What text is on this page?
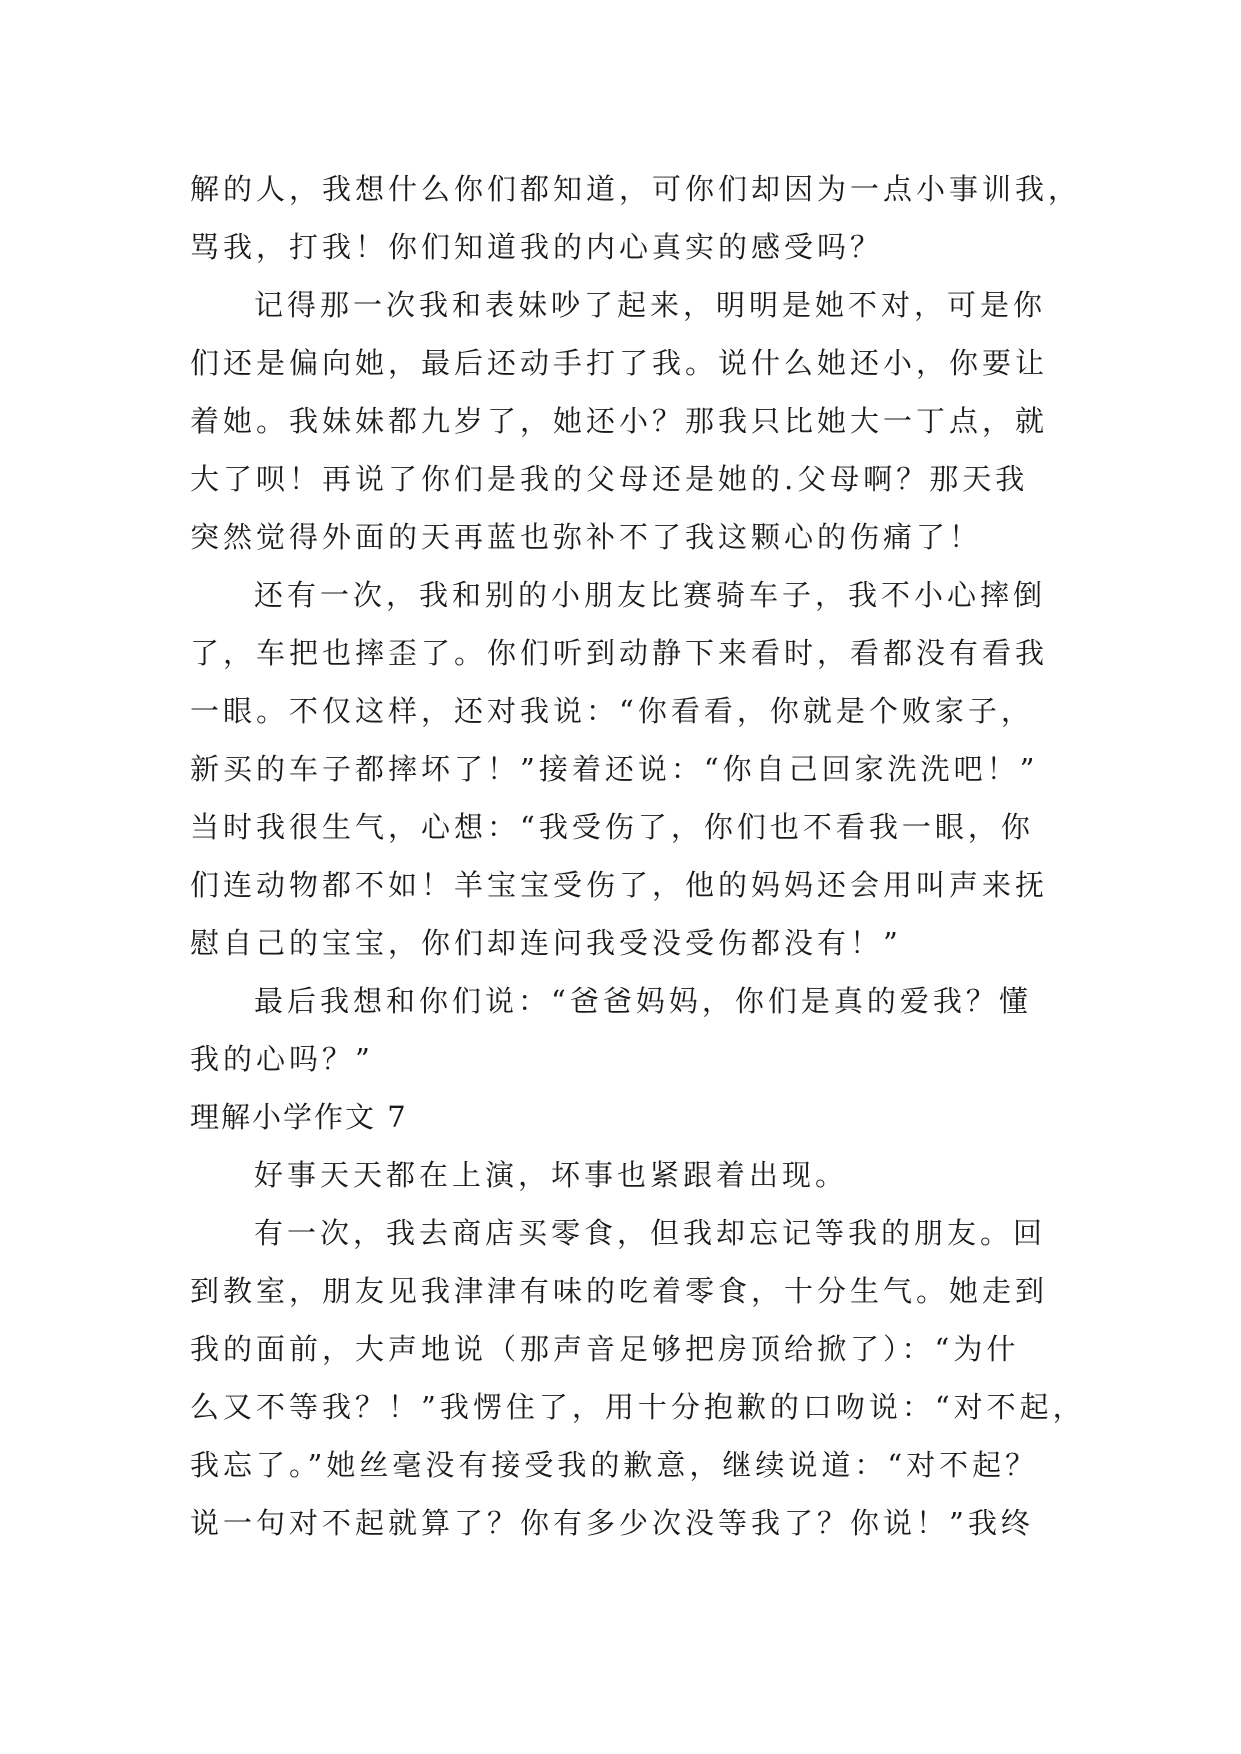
解的人，我想什么你们都知道，可你们却因为一点小事训我，
骂我，打我！你们知道我的内心真实的感受吗？
记得那一次我和表妹吵了起来，明明是她不对，可是你
们还是偏向她，最后还动手打了我。说什么她还小，你要让
着她。我妹妹都九岁了，她还小？那我只比她大一丁点，就
大了呗！再说了你们是我的父母还是她的.父母啊？那天我
突然觉得外面的天再蓝也弥补不了我这颗心的伤痛了！
还有一次，我和别的小朋友比赛骑车子，我不小心摔倒
了，车把也摔歪了。你们听到动静下来看时，看都没有看我
一眼。不仅这样，还对我说：“你看看，你就是个败家子，
新买的车子都摔坏了！”接着还说：“你自己回家洗洗吧！”
当时我很生气，心想：“我受伤了，你们也不看我一眼，你
们连动物都不如！羊宝宝受伤了，他的妈妈还会用叫声来抚
慰自己的宝宝，你们却连问我受没受伤都没有！”
最后我想和你们说：“爸爸妈妈，你们是真的爱我？懂
我的心吗？”
理解小学作文 7
好事天天都在上演，坏事也紧跟着出现。
有一次，我去商店买零食，但我却忘记等我的朋友。回
到教室，朋友见我津津有味的吃着零食，十分生气。她走到
我的面前，大声地说（那声音足够把房顶给掀了）：“为什
么又不等我？！”我愣住了，用十分抱歉的口吻说：“对不起，
我忘了。”她丝毫没有接受我的歉意，继续说道：“对不起？
说一句对不起就算了？你有多少次没等我了？你说！”我终
